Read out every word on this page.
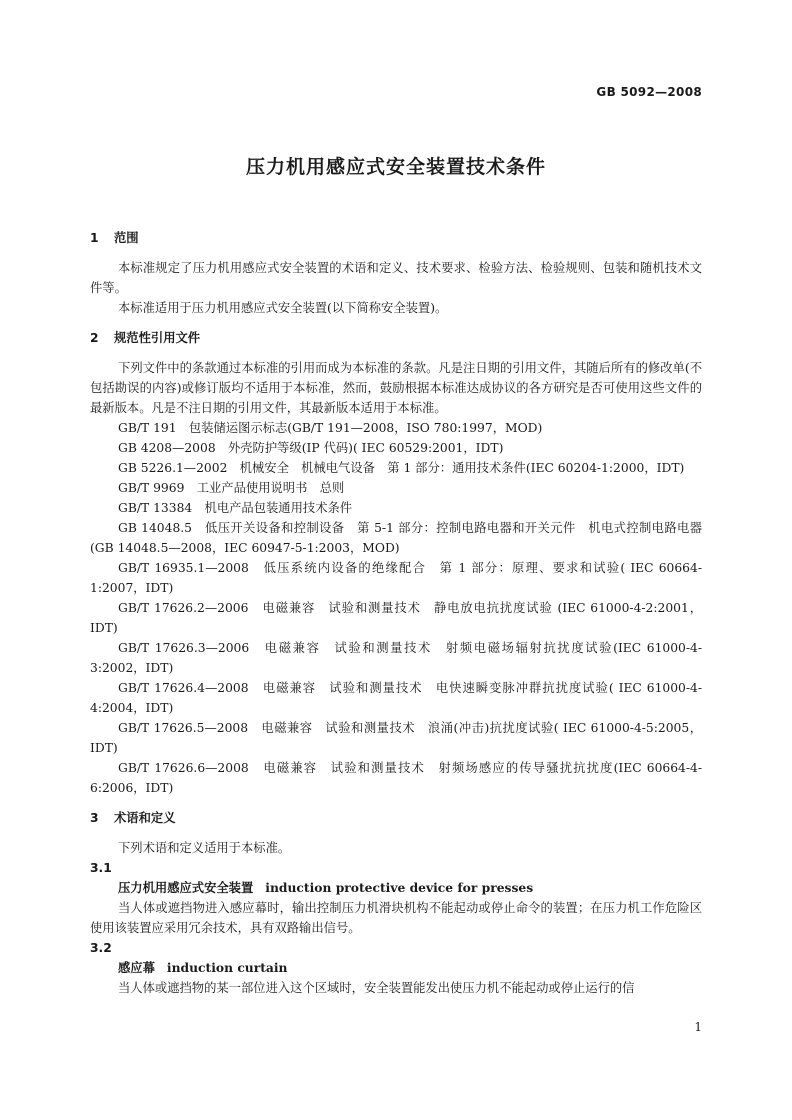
GB 5092—2008
压力机用感应式安全装置技术条件
1 范围
本标准规定了压力机用感应式安全装置的术语和定义、技术要求、检验方法、检验规则、包装和随机技术文件等。
本标准适用于压力机用感应式安全装置(以下简称安全装置)。
2 规范性引用文件
下列文件中的条款通过本标准的引用而成为本标准的条款。凡是注日期的引用文件，其随后所有的修改单(不包括勘误的内容)或修订版均不适用于本标准，然而，鼓励根据本标准达成协议的各方研究是否可使用这些文件的最新版本。凡是不注日期的引用文件，其最新版本适用于本标准。
GB/T 191　包装储运图示标志(GB/T 191—2008，ISO 780:1997，MOD)
GB 4208—2008　外壳防护等级(IP 代码)( IEC 60529:2001，IDT)
GB 5226.1—2002　机械安全　机械电气设备　第 1 部分：通用技术条件(IEC 60204-1:2000，IDT)
GB/T 9969　工业产品使用说明书　总则
GB/T 13384　机电产品包装通用技术条件
GB 14048.5　低压开关设备和控制设备　第 5-1 部分：控制电路电器和开关元件　机电式控制电路电器(GB 14048.5—2008，IEC 60947-5-1:2003，MOD)
GB/T 16935.1—2008　低压系统内设备的绝缘配合　第 1 部分：原理、要求和试验( IEC 60664-1:2007，IDT)
GB/T 17626.2—2006　电磁兼容　试验和测量技术　静电放电抗扰度试验 (IEC 61000-4-2:2001，IDT)
GB/T 17626.3—2006　电磁兼容　试验和测量技术　射频电磁场辐射抗扰度试验(IEC 61000-4-3:2002，IDT)
GB/T 17626.4—2008　电磁兼容　试验和测量技术　电快速瞬变脉冲群抗扰度试验( IEC 61000-4-4:2004，IDT)
GB/T 17626.5—2008　电磁兼容　试验和测量技术　浪涌(冲击)抗扰度试验( IEC 61000-4-5:2005，IDT)
GB/T 17626.6—2008　电磁兼容　试验和测量技术　射频场感应的传导骚扰抗扰度(IEC 60664-4-6:2006，IDT)
3 术语和定义
下列术语和定义适用于本标准。
3.1
压力机用感应式安全装置 induction protective device for presses
当人体或遮挡物进入感应幕时，输出控制压力机滑块机构不能起动或停止命令的装置；在压力机工作危险区使用该装置应采用冗余技术，具有双路输出信号。
3.2
感应幕 induction curtain
当人体或遮挡物的某一部位进入这个区域时，安全装置能发出使压力机不能起动或停止运行的信
1
